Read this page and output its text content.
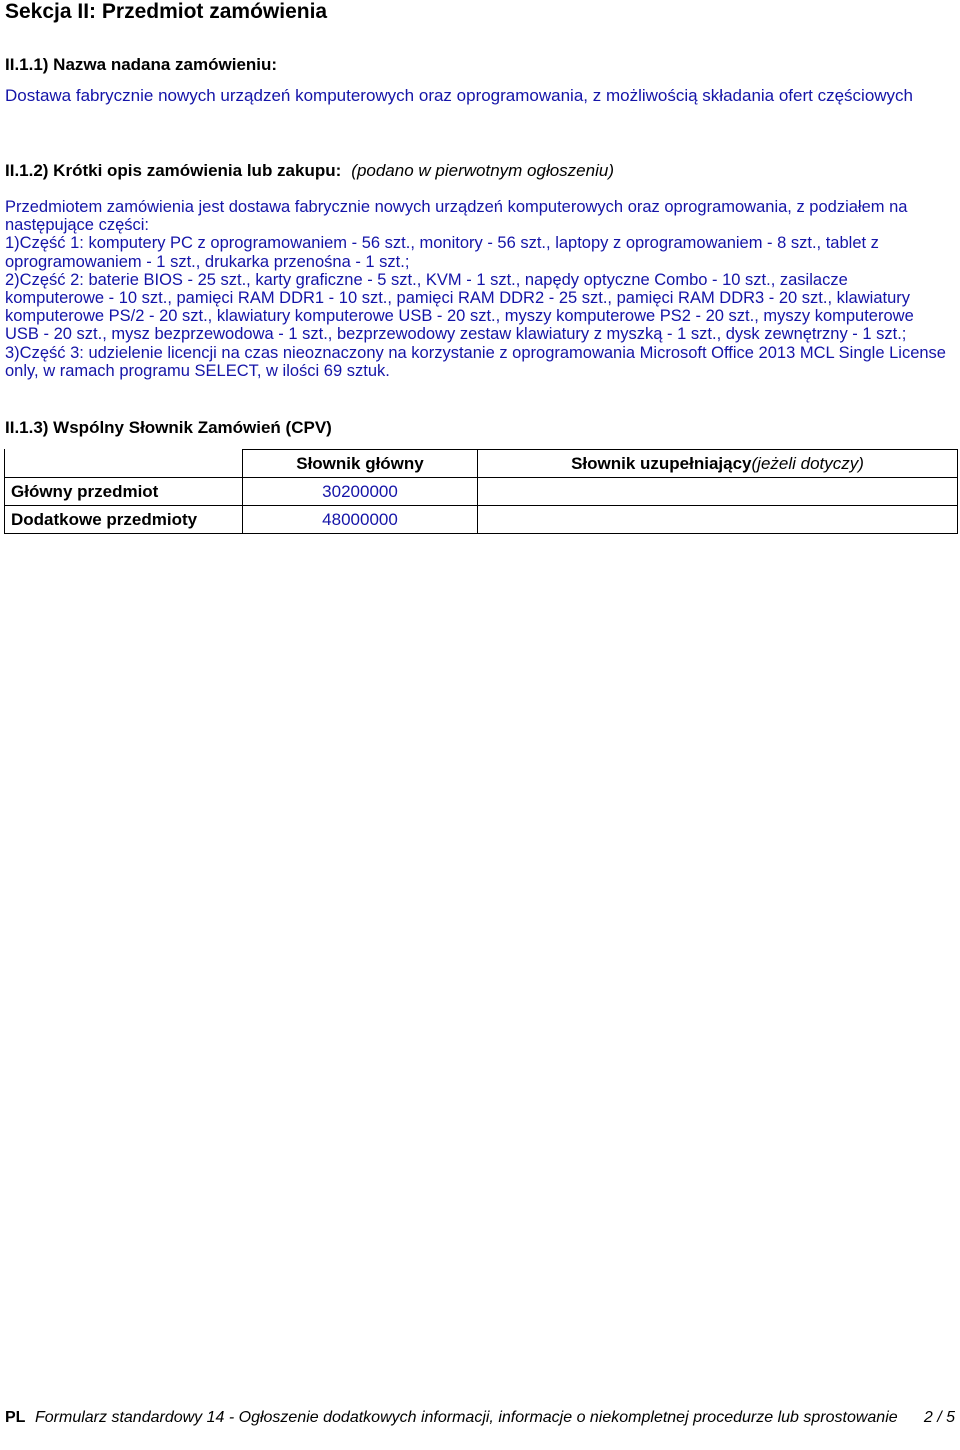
Sekcja II: Przedmiot zamówienia
II.1.1) Nazwa nadana zamówieniu:

Dostawa fabrycznie nowych urządzeń komputerowych oraz oprogramowania, z możliwością składania ofert częściowych

II.1.2) Krótki opis zamówienia lub zakupu: (podano w pierwotnym ogłoszeniu)
Przedmiotem zamówienia jest dostawa fabrycznie nowych urządzeń komputerowych oraz oprogramowania, z podziałem na następujące części:
1)Część 1: komputery PC z oprogramowaniem - 56 szt., monitory - 56 szt., laptopy z oprogramowaniem - 8 szt., tablet z oprogramowaniem - 1 szt., drukarka przenośna - 1 szt.;
2)Część 2: baterie BIOS - 25 szt., karty graficzne - 5 szt., KVM - 1 szt., napędy optyczne Combo - 10 szt., zasilacze komputerowe - 10 szt., pamięci RAM DDR1 - 10 szt., pamięci RAM DDR2 - 25 szt., pamięci RAM DDR3 - 20 szt., klawiatury komputerowe PS/2 - 20 szt., klawiatury komputerowe USB - 20 szt., myszy komputerowe PS2 - 20 szt., myszy komputerowe USB - 20 szt., mysz bezprzewodowa - 1 szt., bezprzewodowy zestaw klawiatury z myszką - 1 szt., dysk zewnętrzny - 1 szt.;
3)Część 3: udzielenie licencji na czas nieoznaczony na korzystanie z oprogramowania Microsoft Office 2013 MCL Single License only, w ramach programu SELECT, w ilości 69 sztuk.
II.1.3) Wspólny Słownik Zamówień (CPV)
	Słownik główny	Słownik uzupełniający(jeżeli dotyczy)
Główny przedmiot	30200000	
Dodatkowe przedmioty	48000000	
PL Formularz standardowy 14 - Ogłoszenie dodatkowych informacji, informacje o niekompletnej procedurze lub sprostowanie 2 / 5
